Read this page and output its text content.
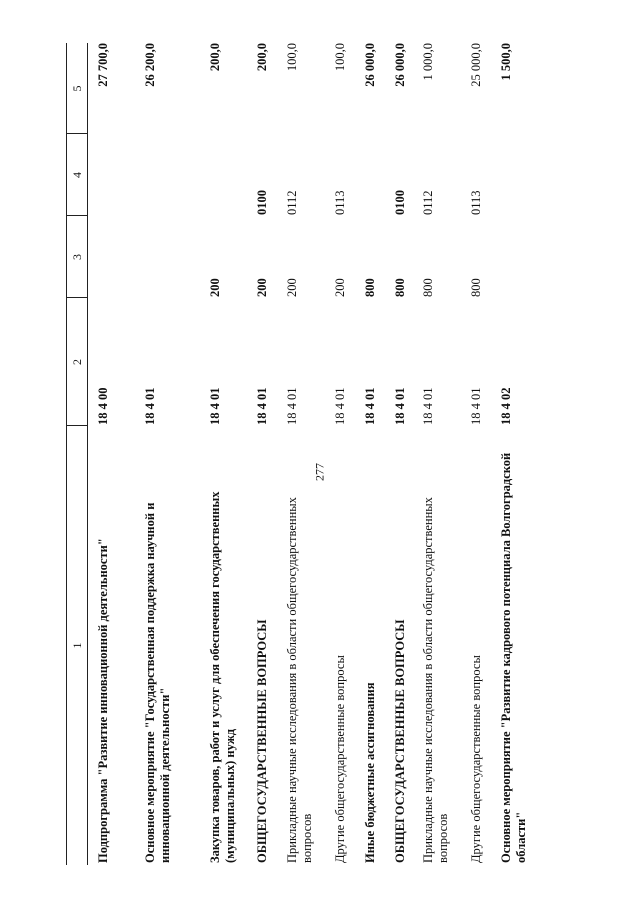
277
1
2
3
4
5
Подпрограмма "Развитие инновационной деятельности"
18 4 00
27 700,0
Основное мероприятие "Государственная поддержка научной и инновационной деятельности"
18 4 01
26 200,0
Закупка товаров, работ и услуг для обеспечения государственных (муниципальных) нужд
18 4 01
200
200,0
ОБЩЕГОСУДАРСТВЕННЫЕ ВОПРОСЫ
18 4 01
200
0100
200,0
Прикладные научные исследования в области общегосударственных вопросов
18 4 01
200
0112
100,0
Другие общегосударственные вопросы
18 4 01
200
0113
100,0
Иные бюджетные ассигнования
18 4 01
800
26 000,0
ОБЩЕГОСУДАРСТВЕННЫЕ ВОПРОСЫ
18 4 01
800
0100
26 000,0
Прикладные научные исследования в области общегосударственных вопросов
18 4 01
800
0112
1 000,0
Другие общегосударственные вопросы
18 4 01
800
0113
25 000,0
Основное мероприятие "Развитие кадрового потенциала Волгоградской области"
18 4 02
1 500,0
